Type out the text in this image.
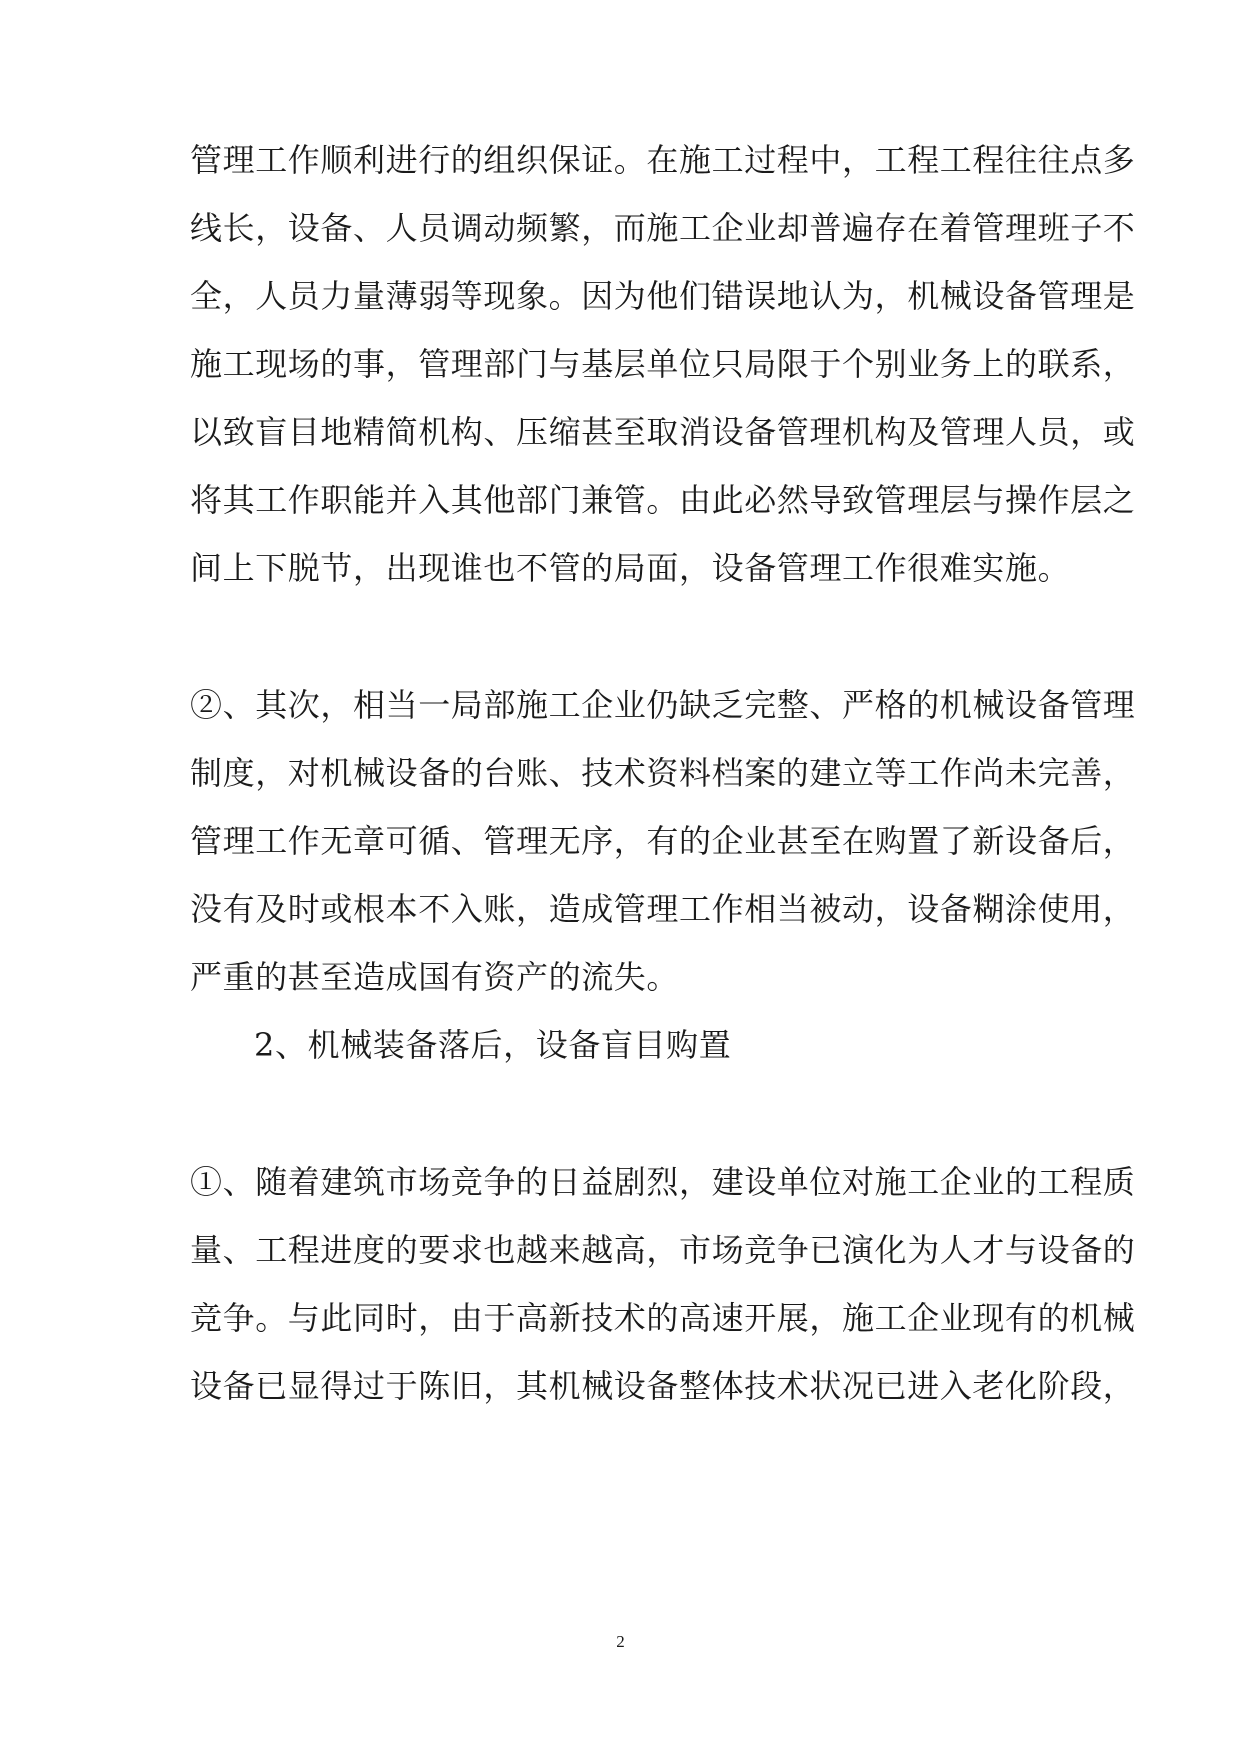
管理工作顺利进行的组织保证。在施工过程中，工程工程往往点多
线长，设备、人员调动频繁，而施工企业却普遍存在着管理班子不
全，人员力量薄弱等现象。因为他们错误地认为，机械设备管理是
施工现场的事，管理部门与基层单位只局限于个别业务上的联系，
以致盲目地精简机构、压缩甚至取消设备管理机构及管理人员，或
将其工作职能并入其他部门兼管。由此必然导致管理层与操作层之
间上下脱节，出现谁也不管的局面，设备管理工作很难实施。
②、其次，相当一局部施工企业仍缺乏完整、严格的机械设备管理
制度，对机械设备的台账、技术资料档案的建立等工作尚未完善，
管理工作无章可循、管理无序，有的企业甚至在购置了新设备后，
没有及时或根本不入账，造成管理工作相当被动，设备糊涂使用，
严重的甚至造成国有资产的流失。
2、机械装备落后，设备盲目购置
①、随着建筑市场竞争的日益剧烈，建设单位对施工企业的工程质
量、工程进度的要求也越来越高，市场竞争已演化为人才与设备的
竞争。与此同时，由于高新技术的高速开展，施工企业现有的机械
设备已显得过于陈旧，其机械设备整体技术状况已进入老化阶段，
2
